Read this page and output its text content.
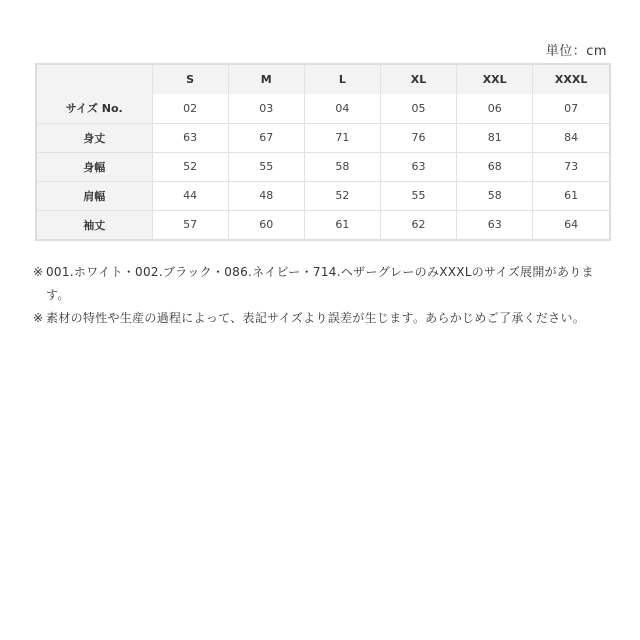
単位：cm
	S	M	L	XL	XXL	XXXL
サイズ No.	02	03	04	05	06	07
身丈	63	67	71	76	81	84
身幅	52	55	58	63	68	73
肩幅	44	48	52	55	58	61
袖丈	57	60	61	62	63	64
※ 001.ホワイト・002.ブラック・086.ネイビー・714.ヘザーグレーのみXXXLのサイズ展開があります。
※ 素材の特性や生産の過程によって、表記サイズより誤差が生じます。あらかじめご了承ください。
